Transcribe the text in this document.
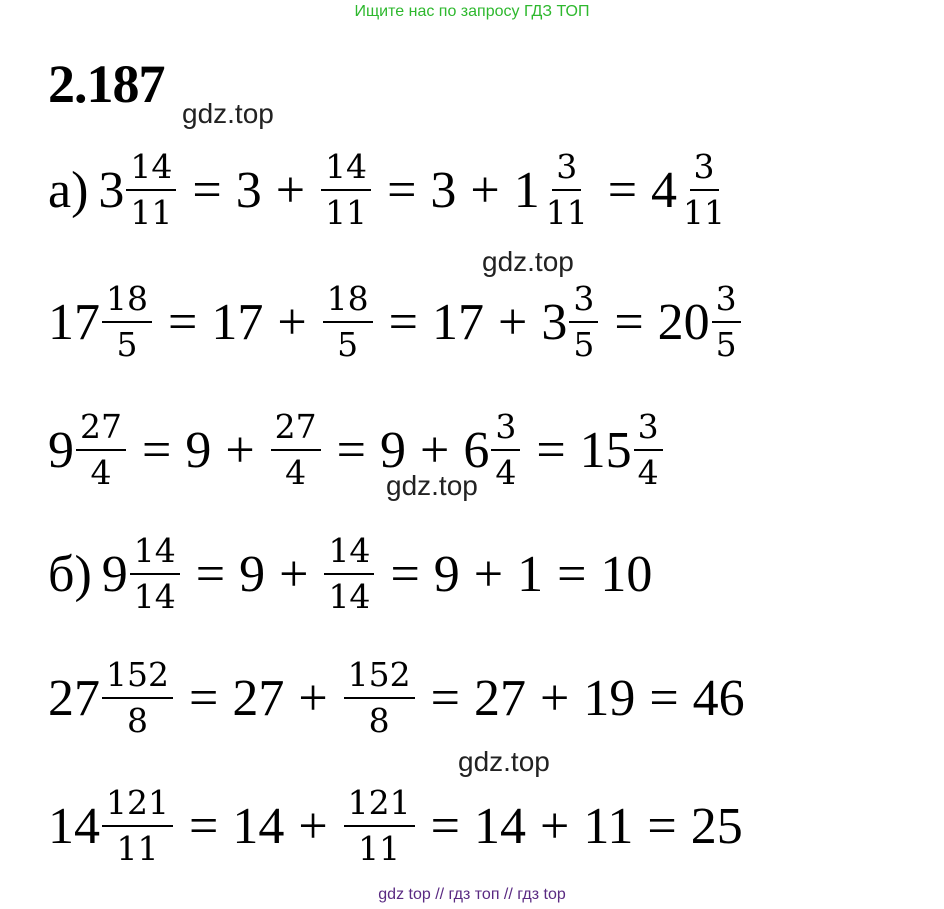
Ищите нас по запросу ГДЗ ТОП
2.187 gdz.top
gdz.top
gdz.top
gdz.top
а) $3 \frac{14}{11} = 3 + \frac{14}{11} = 3 + 1 \frac{3}{11} = 4 \frac{3}{11}$
$17 \frac{18}{5} = 17 + \frac{18}{5} = 17 + 3 \frac{3}{5} = 20 \frac{3}{5}$
$9 \frac{27}{4} = 9 + \frac{27}{4} = 9 + 6 \frac{3}{4} = 15 \frac{3}{4}$
б) $9 \frac{14}{14} = 9 + \frac{14}{14} = 9 + 1 = 10$
$27 \frac{152}{8} = 27 + \frac{152}{8} = 27 + 19 = 46$
$14 \frac{121}{11} = 14 + \frac{121}{11} = 14 + 11 = 25$
gdz top // гдз топ // гдз top
